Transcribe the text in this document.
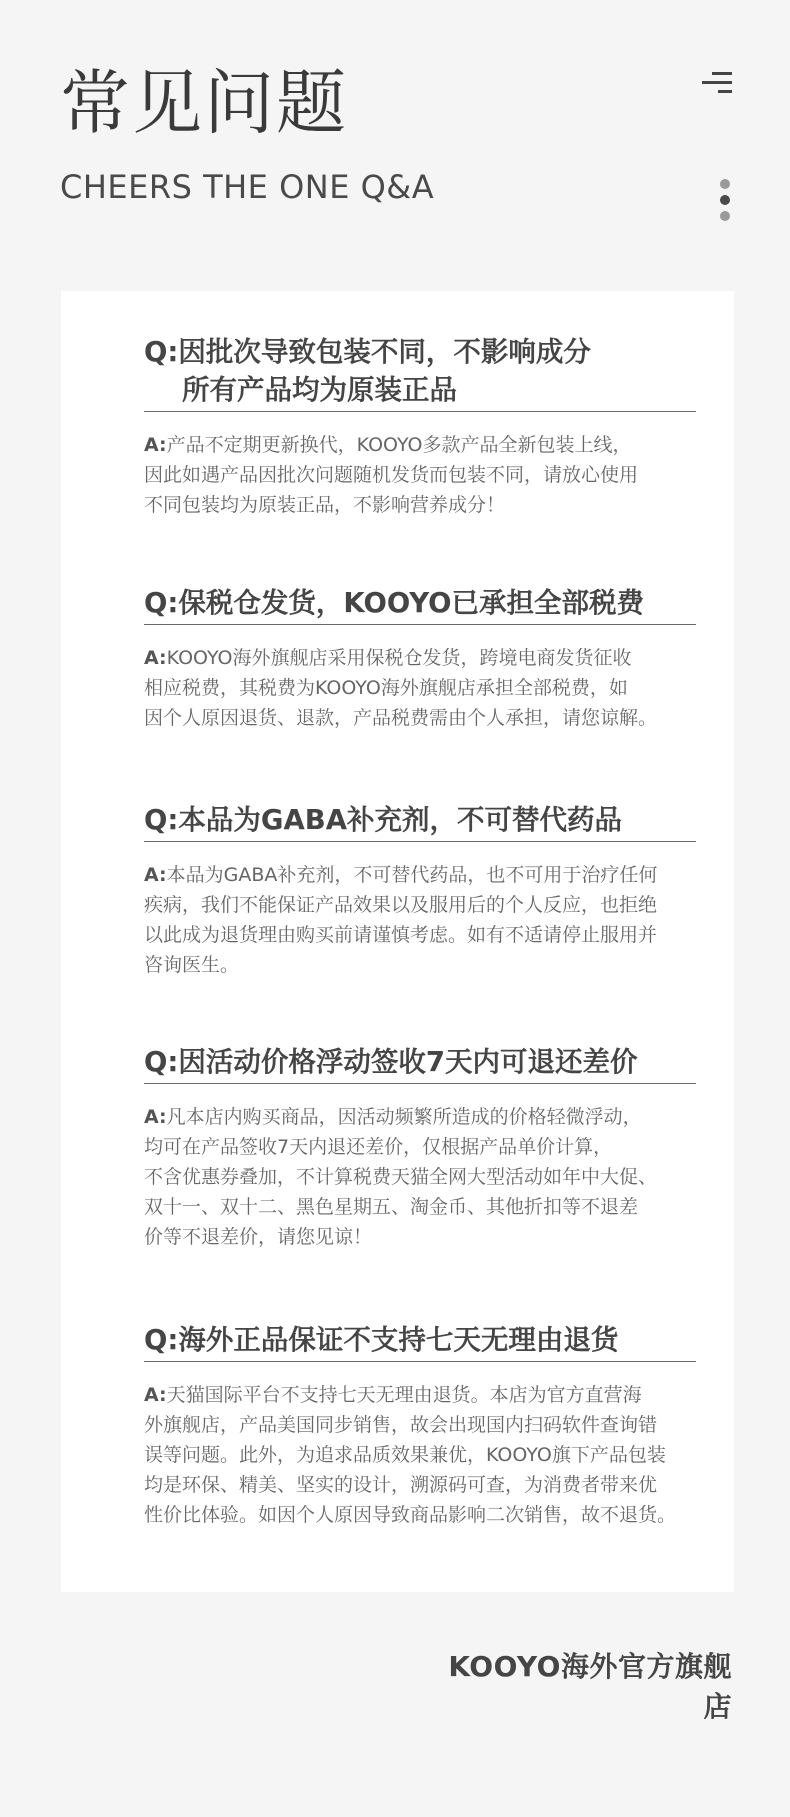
常见问题
CHEERS THE ONE Q&A
Q:因批次导致包装不同，不影响成分
所有产品均为原装正品
A:产品不定期更新换代，KOOYO多款产品全新包装上线，
因此如遇产品因批次问题随机发货而包装不同，请放心使用
不同包装均为原装正品，不影响营养成分！
Q:保税仓发货，KOOYO已承担全部税费
A:KOOYO海外旗舰店采用保税仓发货，跨境电商发货征收
相应税费，其税费为KOOYO海外旗舰店承担全部税费，如
因个人原因退货、退款，产品税费需由个人承担，请您谅解。
Q:本品为GABA补充剂，不可替代药品
A:本品为GABA补充剂，不可替代药品，也不可用于治疗任何
疾病，我们不能保证产品效果以及服用后的个人反应，也拒绝
以此成为退货理由购买前请谨慎考虑。如有不适请停止服用并
咨询医生。
Q:因活动价格浮动签收7天内可退还差价
A:凡本店内购买商品，因活动频繁所造成的价格轻微浮动，
均可在产品签收7天内退还差价，仅根据产品单价计算，
不含优惠券叠加，不计算税费天猫全网大型活动如年中大促、
双十一、双十二、黑色星期五、淘金币、其他折扣等不退差
价等不退差价，请您见谅！
Q:海外正品保证不支持七天无理由退货
A:天猫国际平台不支持七天无理由退货。本店为官方直营海
外旗舰店，产品美国同步销售，故会出现国内扫码软件查询错
误等问题。此外，为追求品质效果兼优，KOOYO旗下产品包装
均是环保、精美、坚实的设计，溯源码可查，为消费者带来优
性价比体验。如因个人原因导致商品影响二次销售，故不退货。
KOOYO海外官方旗舰店
